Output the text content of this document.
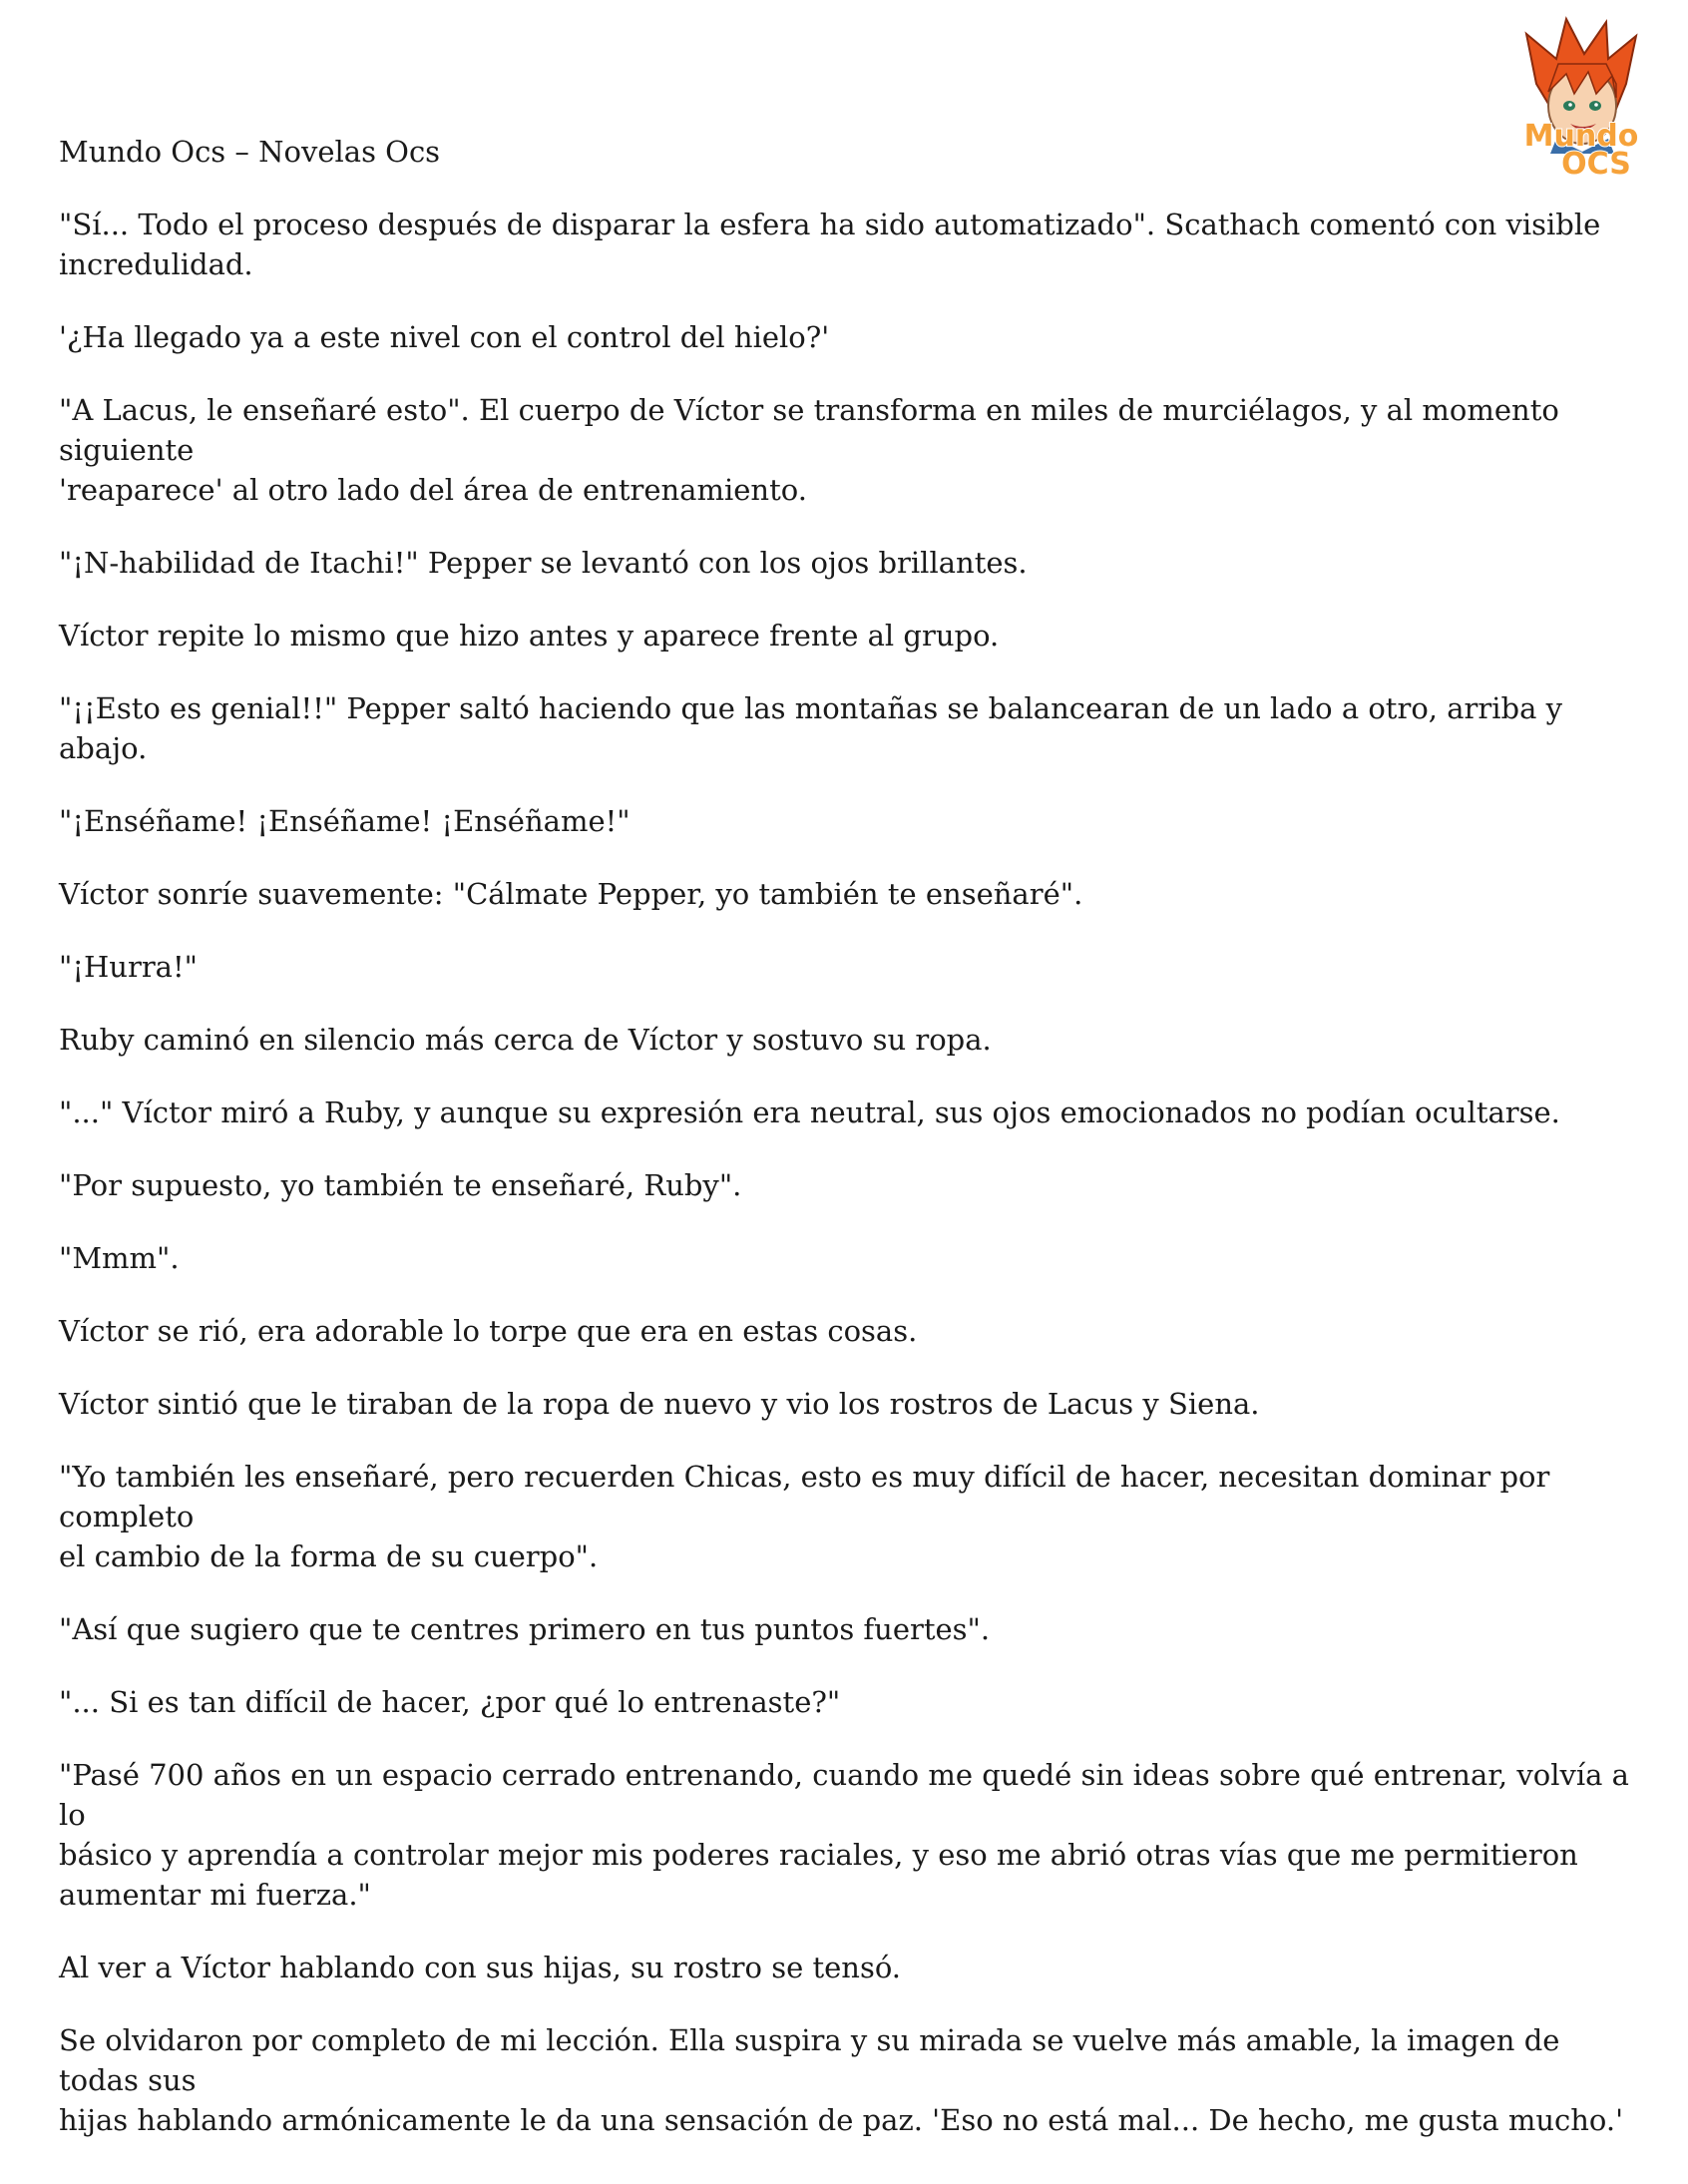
Mundo
OCS

Mundo Ocs – Novelas Ocs

"Sí... Todo el proceso después de disparar la esfera ha sido automatizado". Scathach comentó con visible
incredulidad.

'¿Ha llegado ya a este nivel con el control del hielo?'

"A Lacus, le enseñaré esto". El cuerpo de Víctor se transforma en miles de murciélagos, y al momento siguiente
'reaparece' al otro lado del área de entrenamiento.

"¡N-habilidad de Itachi!" Pepper se levantó con los ojos brillantes.

Víctor repite lo mismo que hizo antes y aparece frente al grupo.

"¡¡Esto es genial!!" Pepper saltó haciendo que las montañas se balancearan de un lado a otro, arriba y abajo.

"¡Enséñame! ¡Enséñame! ¡Enséñame!"

Víctor sonríe suavemente: "Cálmate Pepper, yo también te enseñaré".

"¡Hurra!"

Ruby caminó en silencio más cerca de Víctor y sostuvo su ropa.

"..." Víctor miró a Ruby, y aunque su expresión era neutral, sus ojos emocionados no podían ocultarse.

"Por supuesto, yo también te enseñaré, Ruby".

"Mmm".

Víctor se rió, era adorable lo torpe que era en estas cosas.

Víctor sintió que le tiraban de la ropa de nuevo y vio los rostros de Lacus y Siena.

"Yo también les enseñaré, pero recuerden Chicas, esto es muy difícil de hacer, necesitan dominar por completo
el cambio de la forma de su cuerpo".

"Así que sugiero que te centres primero en tus puntos fuertes".

"... Si es tan difícil de hacer, ¿por qué lo entrenaste?"

"Pasé 700 años en un espacio cerrado entrenando, cuando me quedé sin ideas sobre qué entrenar, volvía a lo
básico y aprendía a controlar mejor mis poderes raciales, y eso me abrió otras vías que me permitieron
aumentar mi fuerza."

Al ver a Víctor hablando con sus hijas, su rostro se tensó.

Se olvidaron por completo de mi lección. Ella suspira y su mirada se vuelve más amable, la imagen de todas sus
hijas hablando armónicamente le da una sensación de paz. 'Eso no está mal... De hecho, me gusta mucho.'
